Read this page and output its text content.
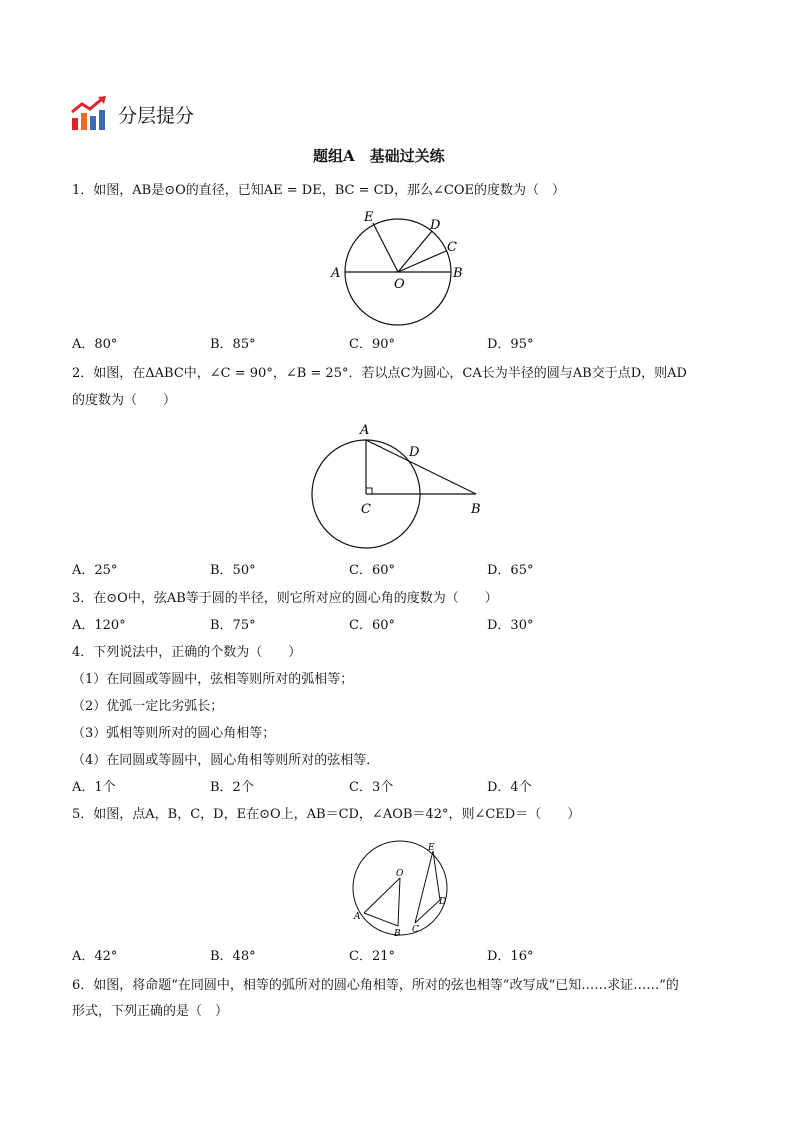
分层提分
题组A　基础过关练
1．如图，AB是⊙O的直径，已知AE = DE，BC = CD，那么∠COE的度数为（　）
E
D
C
A	B
O
A．80°	B．85°	C．90°	D．95°
2．如图，在ΔABC中，∠C = 90°，∠B = 25°．若以点C为圆心，CA长为半径的圆与AB交于点D，则AD
的度数为（　　）
A
D
C	B
A．25°	B．50°	C．60°	D．65°
3．在⊙O中，弦AB等于圆的半径，则它所对应的圆心角的度数为（　　）
A．120°	B．75°	C．60°	D．30°
4．下列说法中，正确的个数为（　　）
（1）在同圆或等圆中，弦相等则所对的弧相等；
（2）优弧一定比劣弧长；
（3）弧相等则所对的圆心角相等；
（4）在同圆或等圆中，圆心角相等则所对的弦相等．
A．1个	B．2个	C．3个	D．4个
5．如图，点A，B，C，D，E在⊙O上，AB＝CD，∠AOB＝42°，则∠CED＝（　　）
E
O
D
A
B C
A．42°	B．48°	C．21°	D．16°
6．如图，将命题“在同圆中，相等的弧所对的圆心角相等，所对的弦也相等”改写成“已知……求证……”的
形式，下列正确的是（　）
